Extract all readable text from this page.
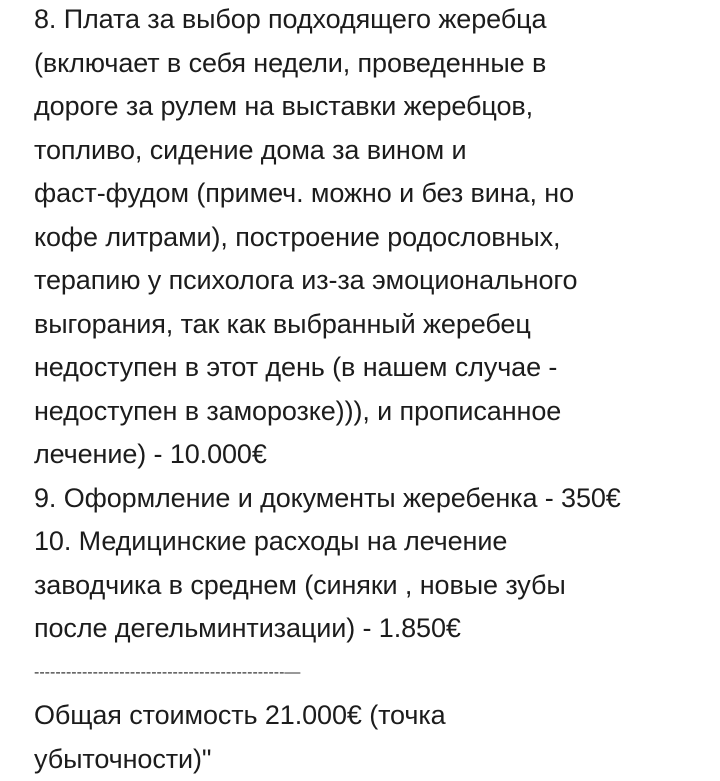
8. Плата за выбор подходящего жеребца
(включает в себя недели, проведенные в
дороге за рулем на выставки жеребцов,
топливо, сидение дома за вином и
фаст-фудом (примеч. можно и без вина, но
кофе литрами), построение родословных,
терапию у психолога из-за эмоционального
выгорания, так как выбранный жеребец
недоступен в этот день (в нашем случае -
недоступен в заморозке))), и прописанное
лечение) - 10.000€
9. Оформление и документы жеребенка - 350€
10. Медицинские расходы на лечение
заводчика в среднем (синяки , новые зубы
после дегельминтизации) - 1.850€
-----------------------------------------------—
Общая стоимость 21.000€ (точка
убыточности)"
